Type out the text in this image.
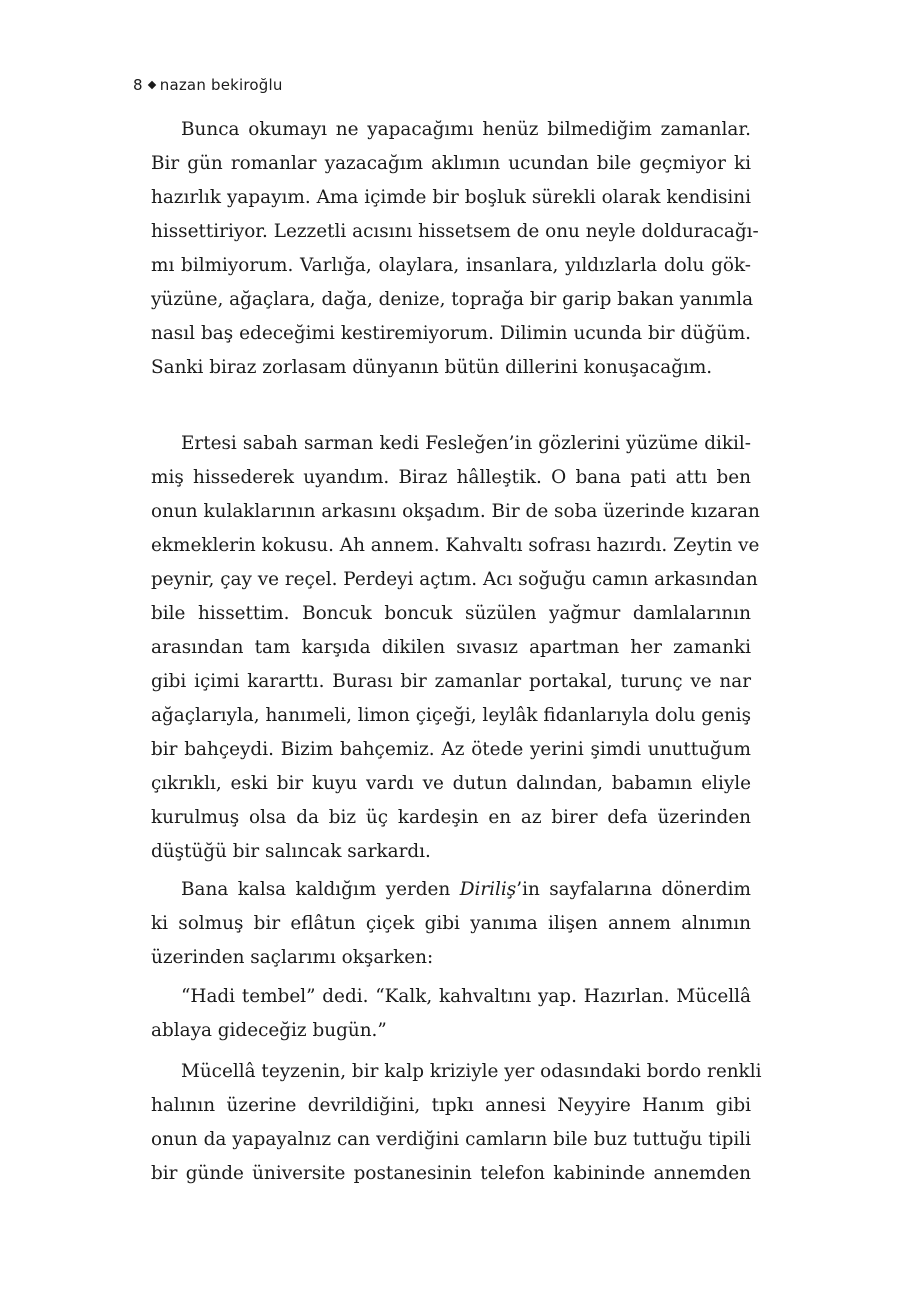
8 nazan bekiroğlu
Bunca okumayı ne yapacağımı henüz bilmediğim zamanlar.
Bir gün romanlar yazacağım aklımın ucundan bile geçmiyor ki
hazırlık yapayım. Ama içimde bir boşluk sürekli olarak kendisini
hissettiriyor. Lezzetli acısını hissetsem de onu neyle dolduracağı-
mı bilmiyorum. Varlığa, olaylara, insanlara, yıldızlarla dolu gök-
yüzüne, ağaçlara, dağa, denize, toprağa bir garip bakan yanımla
nasıl baş edeceğimi kestiremiyorum. Dilimin ucunda bir düğüm.
Sanki biraz zorlasam dünyanın bütün dillerini konuşacağım.
Ertesi sabah sarman kedi Fesleğen’in gözlerini yüzüme dikil-
miş hissederek uyandım. Biraz hâlleştik. O bana pati attı ben
onun kulaklarının arkasını okşadım. Bir de soba üzerinde kızaran
ekmeklerin kokusu. Ah annem. Kahvaltı sofrası hazırdı. Zeytin ve
peynir, çay ve reçel. Perdeyi açtım. Acı soğuğu camın arkasından
bile hissettim. Boncuk boncuk süzülen yağmur damlalarının
arasından tam karşıda dikilen sıvasız apartman her zamanki
gibi içimi kararttı. Burası bir zamanlar portakal, turunç ve nar
ağaçlarıyla, hanımeli, limon çiçeği, leylâk fidanlarıyla dolu geniş
bir bahçeydi. Bizim bahçemiz. Az ötede yerini şimdi unuttuğum
çıkrıklı, eski bir kuyu vardı ve dutun dalından, babamın eliyle
kurulmuş olsa da biz üç kardeşin en az birer defa üzerinden
düştüğü bir salıncak sarkardı.
Bana kalsa kaldığım yerden Diriliş’in sayfalarına dönerdim
ki solmuş bir eflâtun çiçek gibi yanıma ilişen annem alnımın
üzerinden saçlarımı okşarken:
“Hadi tembel” dedi. “Kalk, kahvaltını yap. Hazırlan. Mücellâ
ablaya gideceğiz bugün.”
Mücellâ teyzenin, bir kalp kriziyle yer odasındaki bordo renkli
halının üzerine devrildiğini, tıpkı annesi Neyyire Hanım gibi
onun da yapayalnız can verdiğini camların bile buz tuttuğu tipili
bir günde üniversite postanesinin telefon kabininde annemden
